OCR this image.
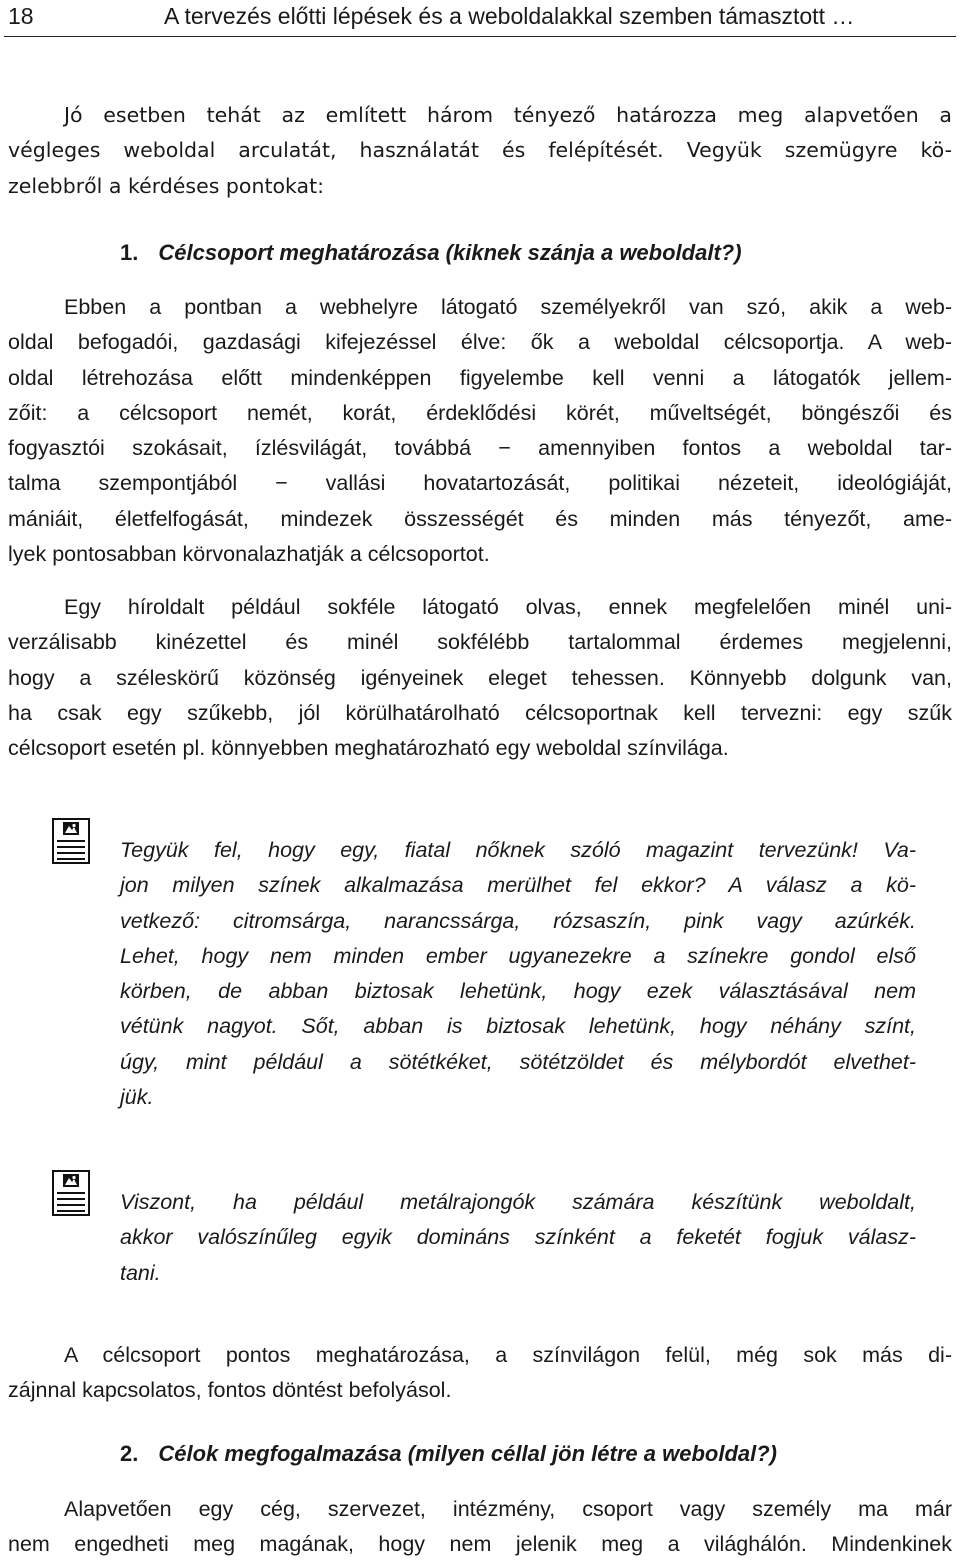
18	A tervezés előtti lépések és a weboldalakkal szemben támasztott …
Jó esetben tehát az említett három tényező határozza meg alapvetően a
végleges weboldal arculatát, használatát és felépítését. Vegyük szemügyre kö-
zelebbről a kérdéses pontokat:
1. Célcsoport meghatározása (kiknek szánja a weboldalt?)
Ebben a pontban a webhelyre látogató személyekről van szó, akik a web-
oldal befogadói, gazdasági kifejezéssel élve: ők a weboldal célcsoportja. A web-
oldal létrehozása előtt mindenképpen figyelembe kell venni a látogatók jellem-
zőit: a célcsoport nemét, korát, érdeklődési körét, műveltségét, böngészői és
fogyasztói szokásait, ízlésvilágát, továbbá − amennyiben fontos a weboldal tar-
talma szempontjából − vallási hovatartozását, politikai nézeteit, ideológiáját,
mániáit, életfelfogását, mindezek összességét és minden más tényezőt, ame-
lyek pontosabban körvonalazhatják a célcsoportot.
Egy híroldalt például sokféle látogató olvas, ennek megfelelően minél uni-
verzálisabb kinézettel és minél sokfélébb tartalommal érdemes megjelenni,
hogy a széleskörű közönség igényeinek eleget tehessen. Könnyebb dolgunk van,
ha csak egy szűkebb, jól körülhatárolható célcsoportnak kell tervezni: egy szűk
célcsoport esetén pl. könnyebben meghatározható egy weboldal színvilága.
Tegyük fel, hogy egy, fiatal nőknek szóló magazint tervezünk! Va-
jon milyen színek alkalmazása merülhet fel ekkor? A válasz a kö-
vetkező: citromsárga, narancssárga, rózsaszín, pink vagy azúrkék.
Lehet, hogy nem minden ember ugyanezekre a színekre gondol első
körben, de abban biztosak lehetünk, hogy ezek választásával nem
vétünk nagyot. Sőt, abban is biztosak lehetünk, hogy néhány színt,
úgy, mint például a sötétkéket, sötétzöldet és mélybordót elvethet-
jük.
Viszont, ha például metálrajongók számára készítünk weboldalt,
akkor valószínűleg egyik domináns színként a feketét fogjuk válasz-
tani.
A célcsoport pontos meghatározása, a színvilágon felül, még sok más di-
zájnnal kapcsolatos, fontos döntést befolyásol.
2. Célok megfogalmazása (milyen céllal jön létre a weboldal?)
Alapvetően egy cég, szervezet, intézmény, csoport vagy személy ma már
nem engedheti meg magának, hogy nem jelenik meg a világhálón. Mindenkinek
